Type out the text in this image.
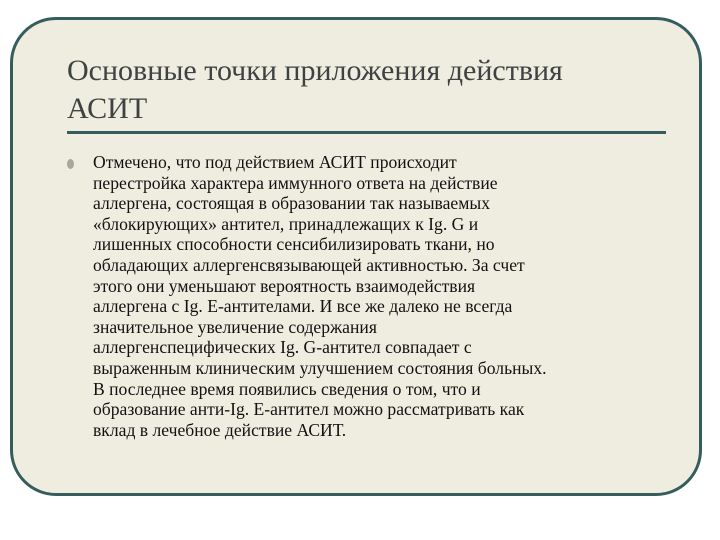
Основные точки приложения действия
АСИТ

Отмечено, что под действием АСИТ происходит
перестройка характера иммунного ответа на действие
аллергена, состоящая в образовании так называемых
«блокирующих» антител, принадлежащих к Ig. G и
лишенных способности сенсибилизировать ткани, но
обладающих аллергенсвязывающей активностью. За счет
этого они уменьшают вероятность взаимодействия
аллергена с Ig. E-антителами. И все же далеко не всегда
значительное увеличение содержания
аллергенспецифических Ig. G-антител совпадает с
выраженным клиническим улучшением состояния больных.
В последнее время появились сведения о том, что и
образование анти-Ig. E-антител можно рассматривать как
вклад в лечебное действие АСИТ.
